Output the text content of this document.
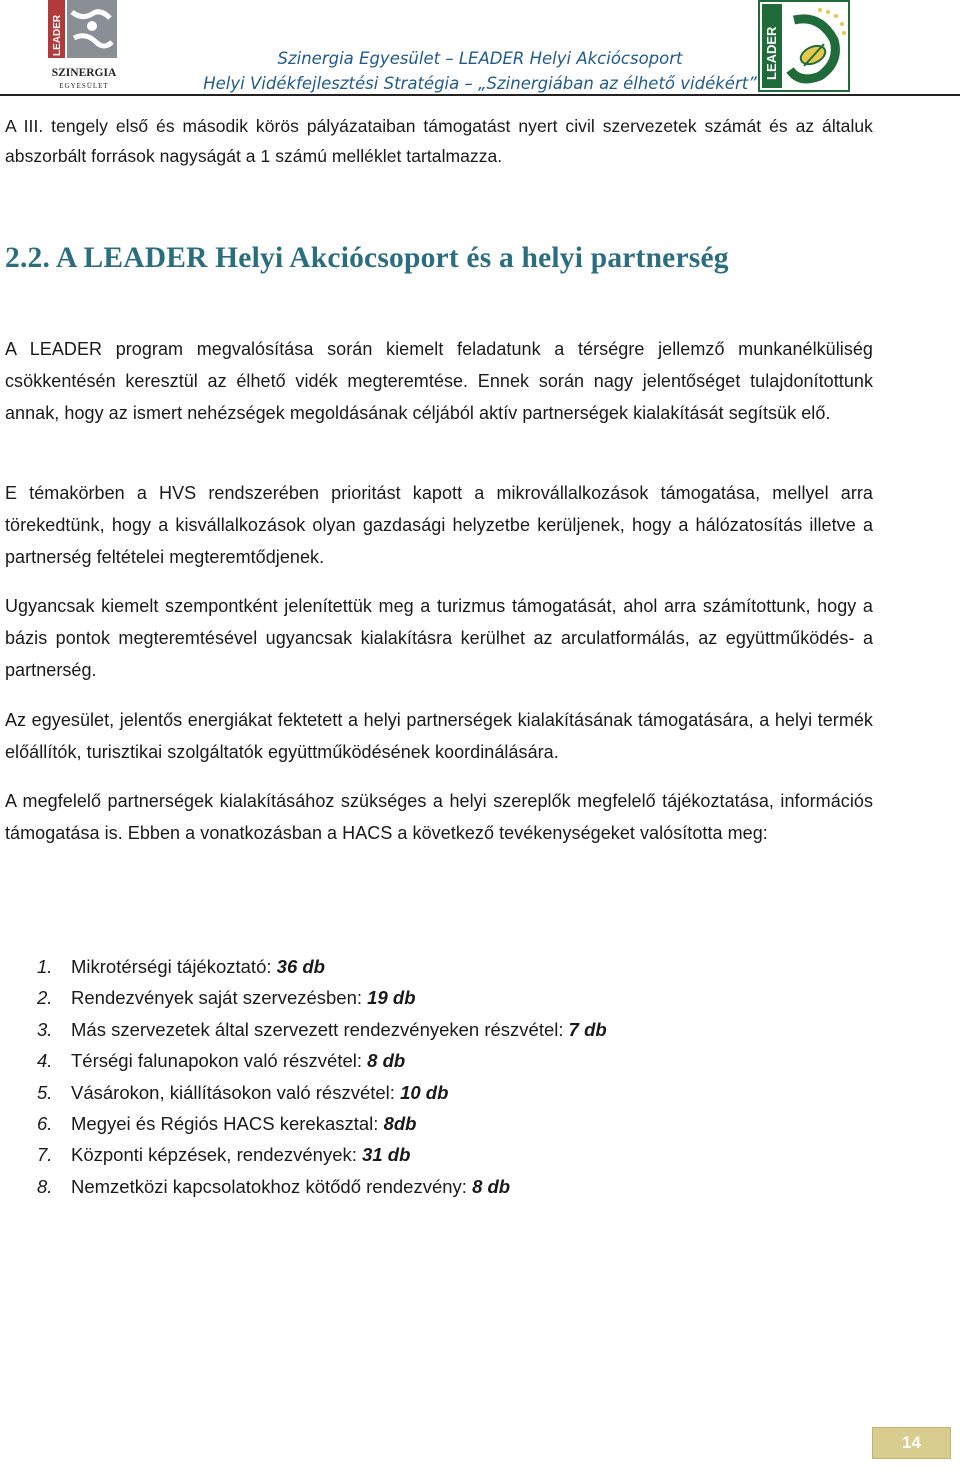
LEADER
SZINERGIA
EGYESÜLET
Szinergia Egyesület – LEADER Helyi Akciócsoport
Helyi Vidékfejlesztési Stratégia – „Szinergiában az élhető vidékért”
LEADER

A III. tengely első és második körös pályázataiban támogatást nyert civil szervezetek számát és az általuk abszorbált források nagyságát a 1 számú melléklet tartalmazza.

2.2. A LEADER Helyi Akciócsoport és a helyi partnerség

A LEADER program megvalósítása során kiemelt feladatunk a térségre jellemző munkanélküliség csökkentésén keresztül az élhető vidék megteremtése. Ennek során nagy jelentőséget tulajdonítottunk annak, hogy az ismert nehézségek megoldásának céljából aktív partnerségek kialakítását segítsük elő.

E témakörben a HVS rendszerében prioritást kapott a mikrovállalkozások támogatása, mellyel arra törekedtünk, hogy a kisvállalkozások olyan gazdasági helyzetbe kerüljenek, hogy a hálózatosítás illetve a partnerség feltételei megteremtődjenek.

Ugyancsak kiemelt szempontként jelenítettük meg a turizmus támogatását, ahol arra számítottunk, hogy a bázis pontok megteremtésével ugyancsak kialakításra kerülhet az arculatformálás, az együttműködés- a partnerség.

Az egyesület, jelentős energiákat fektetett a helyi partnerségek kialakításának támogatására, a helyi termék előállítók, turisztikai szolgáltatók együttműködésének koordinálására.

A megfelelő partnerségek kialakításához szükséges a helyi szereplők megfelelő tájékoztatása, információs támogatása is. Ebben a vonatkozásban a HACS a következő tevékenységeket valósította meg:

1. Mikrotérségi tájékoztató: 36 db
2. Rendezvények saját szervezésben: 19 db
3. Más szervezetek által szervezett rendezvényeken részvétel: 7 db
4. Térségi falunapokon való részvétel: 8 db
5. Vásárokon, kiállításokon való részvétel: 10 db
6. Megyei és Régiós HACS kerekasztal: 8db
7. Központi képzések, rendezvények: 31 db
8. Nemzetközi kapcsolatokhoz kötődő rendezvény: 8 db
14
